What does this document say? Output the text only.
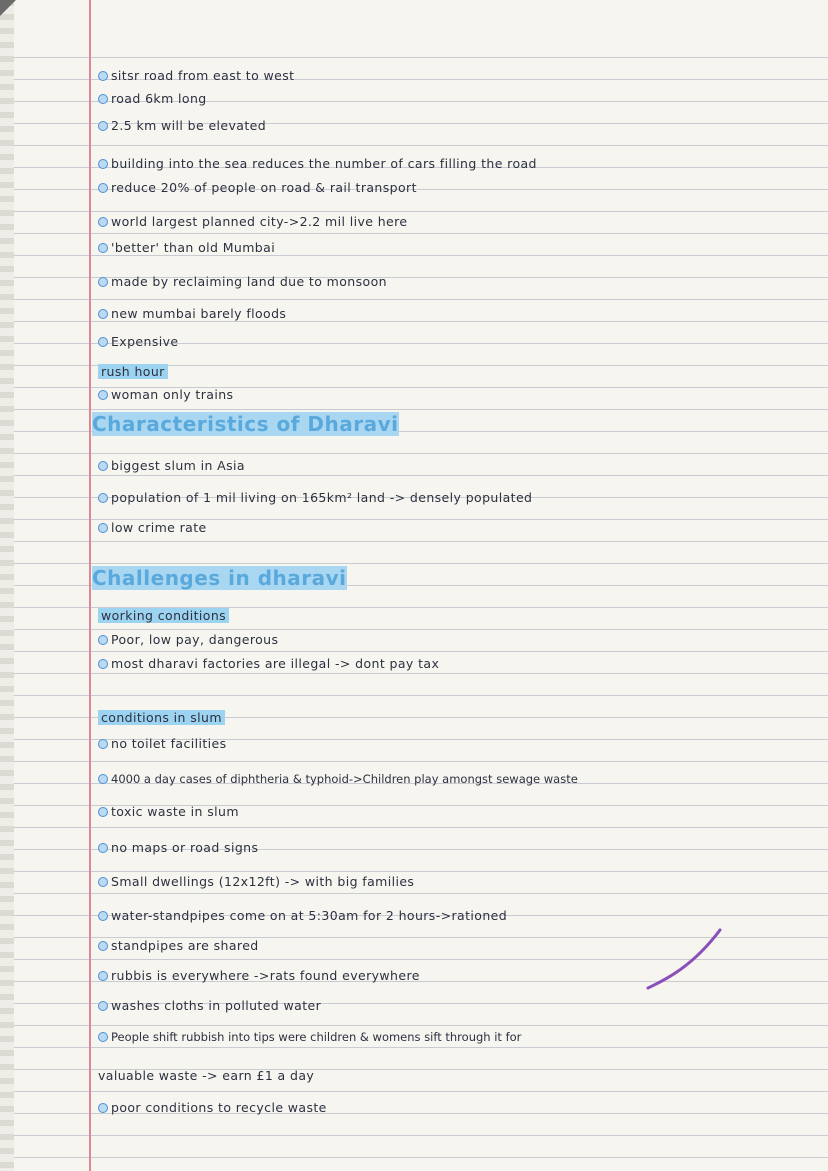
sitsr road from east to west
road 6km long
2.5 km will be elevated
building into the sea reduces the number of cars filling the road
reduce 20% of people on road & rail transport
world largest planned city->2.2 mil live here
'better' than old Mumbai
made by reclaiming land due to monsoon
new mumbai barely floods
Expensive
rush hour
woman only trains
Characteristics of Dharavi
biggest slum in Asia
population of 1 mil living on 165km² land -> densely populated
low crime rate
Challenges in dharavi
working conditions
Poor, low pay, dangerous
most dharavi factories are illegal -> dont pay tax
conditions in slum
no toilet facilities
4000 a day cases of diphtheria & typhoid->Children play amongst sewage waste
toxic waste in slum
no maps or road signs
Small dwellings (12x12ft) -> with big families
water-standpipes come on at 5:30am for 2 hours->rationed
standpipes are shared
rubbis is everywhere ->rats found everywhere
washes cloths in polluted water
People shift rubbish into tips were children & womens sift through it for
valuable waste -> earn £1 a day
poor conditions to recycle waste
